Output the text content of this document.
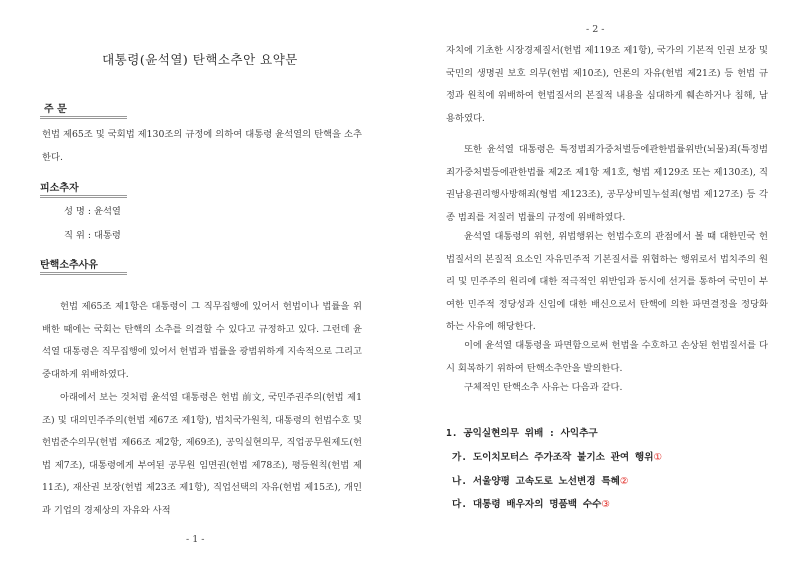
대통령(윤석열) 탄핵소추안 요약문
주 문
헌법 제65조 및 국회법 제130조의 규정에 의하여 대통령 윤석열의 탄핵을 소추한다.
피소추자
성 명 : 윤석열
직 위 : 대통령
탄핵소추사유
헌법 제65조 제1항은 대통령이 그 직무집행에 있어서 헌법이나 법률을 위배한 때에는 국회는 탄핵의 소추를 의결할 수 있다고 규정하고 있다. 그런데 윤석열 대통령은 직무집행에 있어서 헌법과 법률을 광범위하게 지속적으로 그리고 중대하게 위배하였다.
아래에서 보는 것처럼 윤석열 대통령은 헌법 前文, 국민주권주의(헌법 제1조) 및 대의민주주의(헌법 제67조 제1항), 법치국가원칙, 대통령의 헌법수호 및 헌법준수의무(헌법 제66조 제2항, 제69조), 공익실현의무, 직업공무원제도(헌법 제7조), 대통령에게 부여된 공무원 임면권(헌법 제78조), 평등원칙(헌법 제11조), 재산권 보장(헌법 제23조 제1항), 직업선택의 자유(헌법 제15조), 개인과 기업의 경제상의 자유와 사적
- 1 -
- 2 -
자치에 기초한 시장경제질서(헌법 제119조 제1항), 국가의 기본적 인권 보장 및 국민의 생명권 보호 의무(헌법 제10조), 언론의 자유(헌법 제21조) 등 헌법 규정과 원칙에 위배하여 헌법질서의 본질적 내용을 심대하게 훼손하거나 침해, 남용하였다.
또한 윤석열 대통령은 특정범죄가중처벌등에관한법률위반(뇌물)죄(특정범죄가중처벌등에관한법률 제2조 제1항 제1호, 형법 제129조 또는 제130조), 직권남용권리행사방해죄(형법 제123조), 공무상비밀누설죄(형법 제127조) 등 각종 범죄를 저질러 법률의 규정에 위배하였다.
윤석열 대통령의 위헌, 위법행위는 헌법수호의 관점에서 볼 때 대한민국 헌법질서의 본질적 요소인 자유민주적 기본질서를 위협하는 행위로서 법치주의 원리 및 민주주의 원리에 대한 적극적인 위반임과 동시에 선거를 통하여 국민이 부여한 민주적 정당성과 신임에 대한 배신으로서 탄핵에 의한 파면결정을 정당화하는 사유에 해당한다.
이에 윤석열 대통령을 파면함으로써 헌법을 수호하고 손상된 헌법질서를 다시 회복하기 위하여 탄핵소추안을 발의한다.
구체적인 탄핵소추 사유는 다음과 같다.
1. 공익실현의무 위배 : 사익추구
가. 도이치모터스 주가조작 불기소 관여 행위①
나. 서울양평 고속도로 노선변경 특혜②
다. 대통령 배우자의 명품백 수수③
